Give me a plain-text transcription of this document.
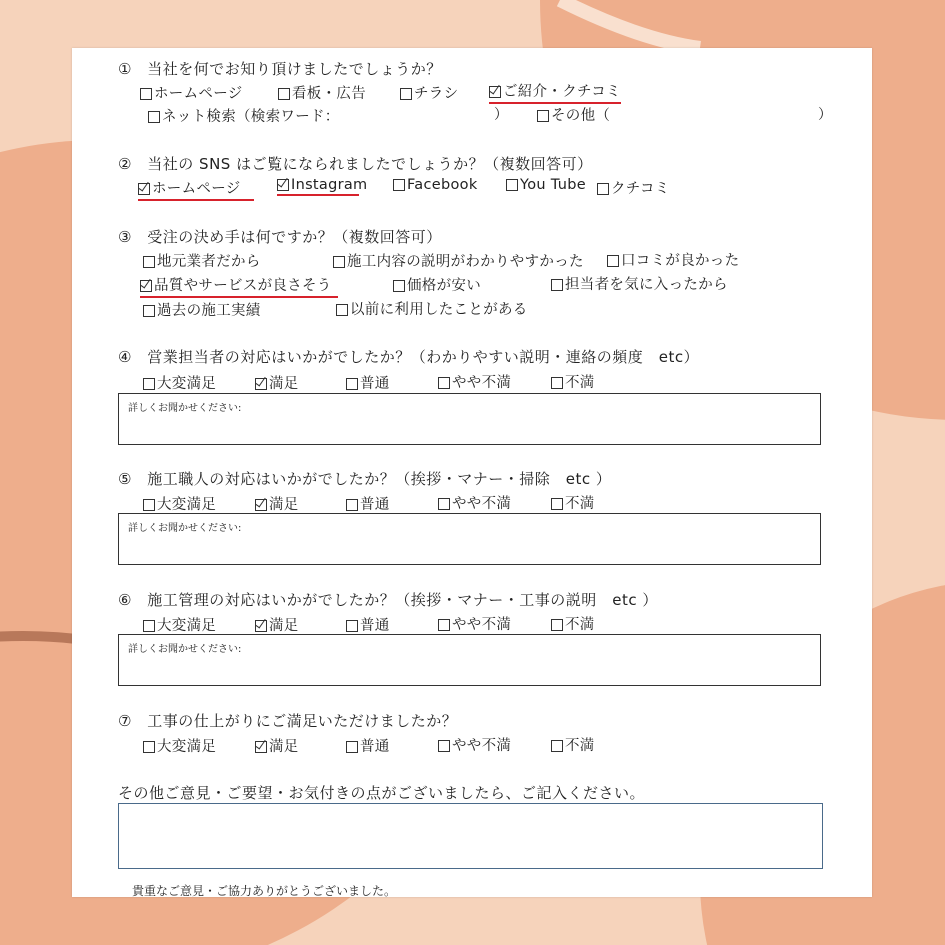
① 当社を何でお知り頂けましたでしょうか？
ホームページ	看板・広告	チラシ	ご紹介・クチコミ
ネット検索（検索ワード：	）	その他（	）
② 当社の SNS はご覧になられましたでしょうか？（複数回答可）
ホームページ	Instagram	Facebook	You Tube	クチコミ
③ 受注の決め手は何ですか？（複数回答可）
地元業者だから	施工内容の説明がわかりやすかった	口コミが良かった
品質やサービスが良さそう	価格が安い	担当者を気に入ったから
過去の施工実績	以前に利用したことがある
④ 営業担当者の対応はいかがでしたか？（わかりやすい説明・連絡の頻度　etc）
大変満足	満足	普通	やや不満	不満
詳しくお聞かせください:
⑤ 施工職人の対応はいかがでしたか？（挨拶・マナー・掃除　etc ）
大変満足	満足	普通	やや不満	不満
詳しくお聞かせください:
⑥ 施工管理の対応はいかがでしたか？（挨拶・マナー・工事の説明　etc ）
大変満足	満足	普通	やや不満	不満
詳しくお聞かせください:
⑦ 工事の仕上がりにご満足いただけましたか？
大変満足	満足	普通	やや不満	不満
その他ご意見・ご要望・お気付きの点がございましたら、ご記入ください。
貴重なご意見・ご協力ありがとうございました。
